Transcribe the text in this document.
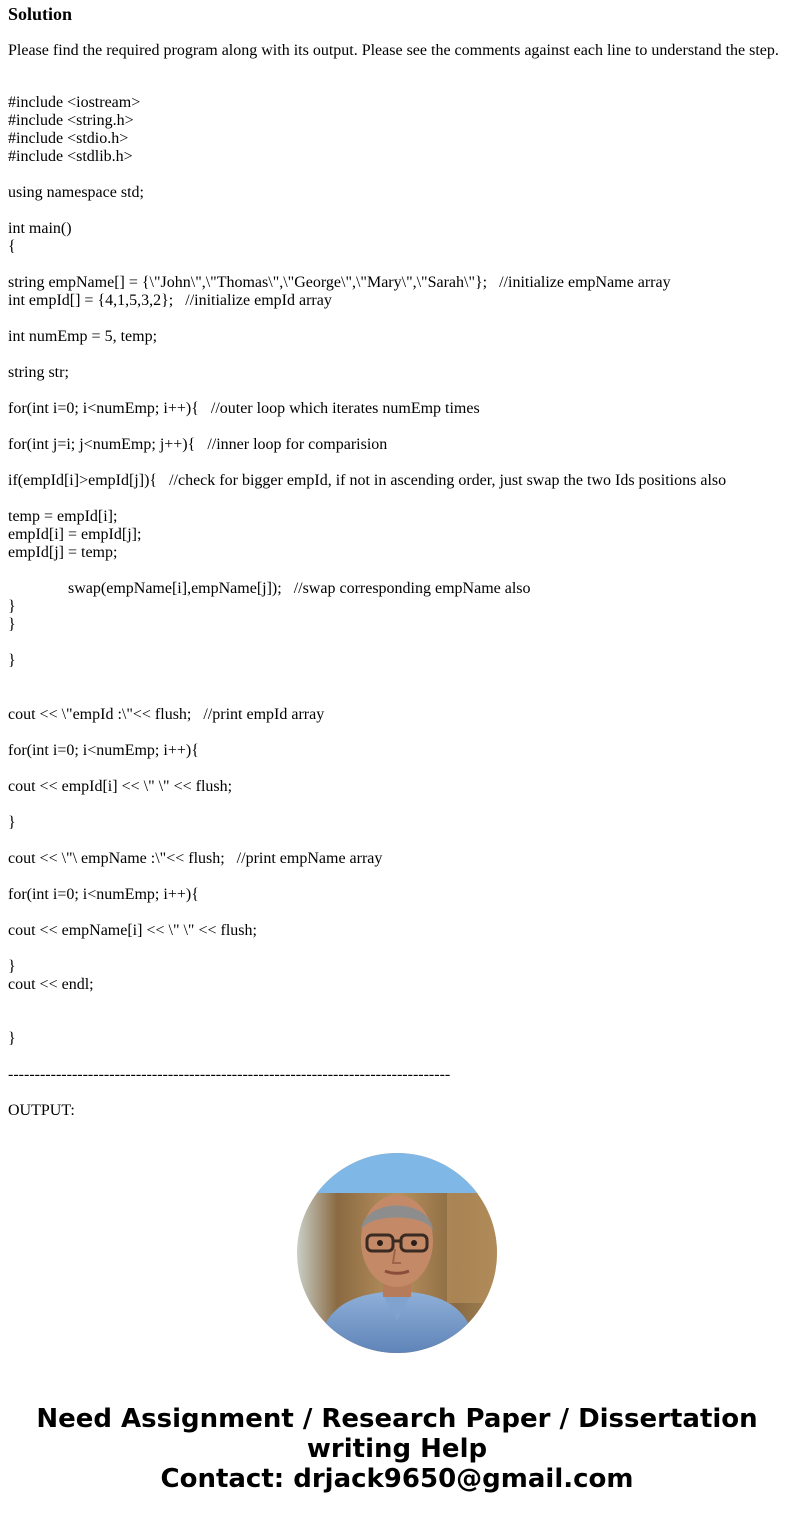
Solution

Please find the required program along with its output. Please see the comments against each line to understand the step.

#include <iostream>
#include <string.h>
#include <stdio.h>
#include <stdlib.h>
using namespace std;
int main()
{
string empName[] = {\"John\",\"Thomas\",\"George\",\"Mary\",\"Sarah\"};   //initialize empName array
int empId[] = {4,1,5,3,2};   //initialize empId array
int numEmp = 5, temp;
string str;
for(int i=0; i<numEmp; i++){   //outer loop which iterates numEmp times
for(int j=i; j<numEmp; j++){   //inner loop for comparision
if(empId[i]>empId[j]){   //check for bigger empId, if not in ascending order, just swap the two Ids positions also
temp = empId[i];
empId[i] = empId[j];
empId[j] = temp;
swap(empName[i],empName[j]);   //swap corresponding empName also
}
}
}
cout << \"empId :\"<< flush;   //print empId array
for(int i=0; i<numEmp; i++){
cout << empId[i] << \" \" << flush;
}
cout << \"\ empName :\"<< flush;   //print empName array
for(int i=0; i<numEmp; i++){
cout << empName[i] << \" \" << flush;
}
cout << endl;
}
-----------------------------------------------------------------------------------
OUTPUT:
Need Assignment / Research Paper / Dissertation
writing Help
Contact: drjack9650@gmail.com
